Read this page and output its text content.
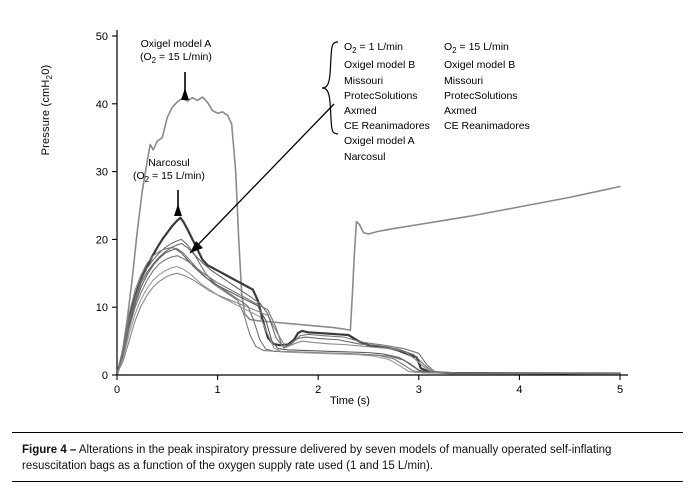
0
10
20
30
40
50
0	1	2	3	4	5
Pressure (cmH$_2$0)
Time (s)
Oxigel model A
($O_2 = 15$ L/min)
Narcosul
($O_2 = 15$ L/min)
$O_2 = 1$ L/min
Oxigel model B
Missouri
ProtecSolutions
Axmed
CE Reanimadores
Oxigel model A
Narcosul
$O_2 = 15$ L/min
Oxigel model B
Missouri
ProtecSolutions
Axmed
CE Reanimadores
Figure 4 – Alterations in the peak inspiratory pressure delivered by seven models of manually operated self-inflating resuscitation bags as a function of the oxygen supply rate used (1 and 15 L/min).
